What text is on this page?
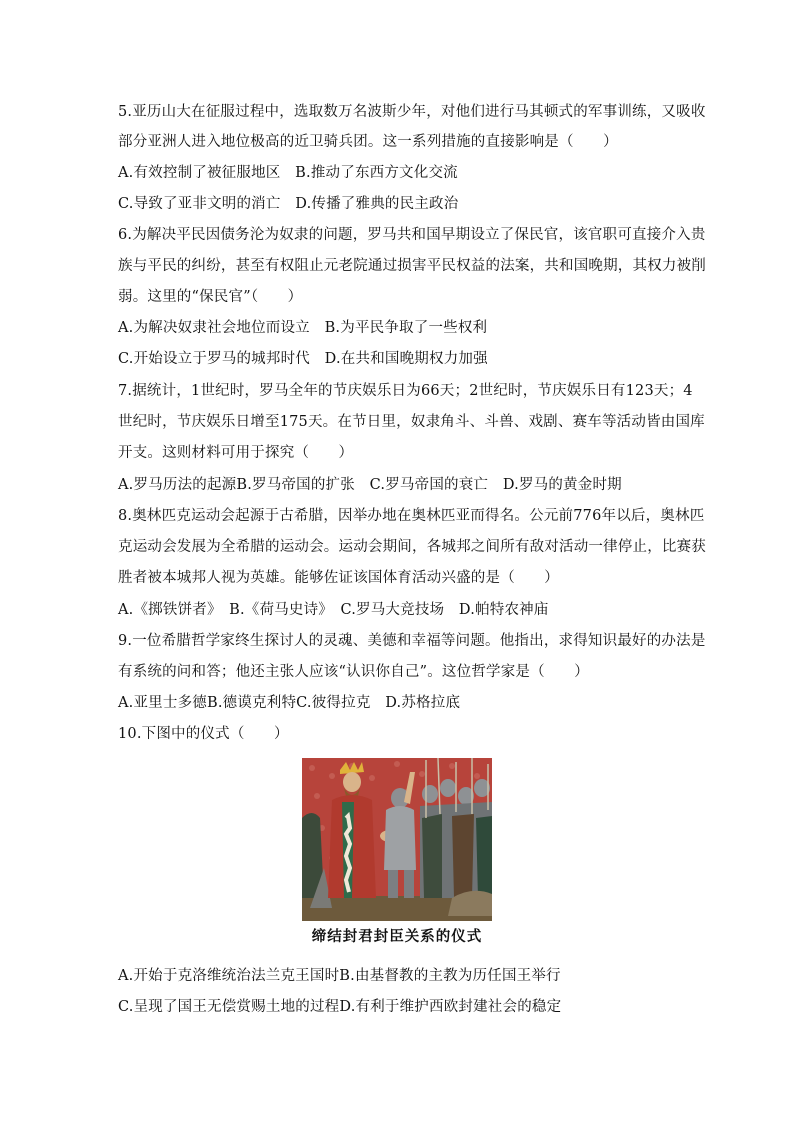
5.亚历山大在征服过程中，选取数万名波斯少年，对他们进行马其顿式的军事训练，又吸收
部分亚洲人进入地位极高的近卫骑兵团。这一系列措施的直接影响是（　　）
A.有效控制了被征服地区　B.推动了东西方文化交流
C.导致了亚非文明的消亡　D.传播了雅典的民主政治
6.为解决平民因债务沦为奴隶的问题，罗马共和国早期设立了保民官，该官职可直接介入贵
族与平民的纠纷，甚至有权阻止元老院通过损害平民权益的法案，共和国晚期，其权力被削
弱。这里的“保民官”（　　）
A.为解决奴隶社会地位而设立　B.为平民争取了一些权利
C.开始设立于罗马的城邦时代　D.在共和国晚期权力加强
7.据统计，1世纪时，罗马全年的节庆娱乐日为66天；2世纪时，节庆娱乐日有123天；4
世纪时，节庆娱乐日增至175天。在节日里，奴隶角斗、斗兽、戏剧、赛车等活动皆由国库
开支。这则材料可用于探究（　　）
A.罗马历法的起源B.罗马帝国的扩张　C.罗马帝国的衰亡　D.罗马的黄金时期
8.奥林匹克运动会起源于古希腊，因举办地在奥林匹亚而得名。公元前776年以后，奥林匹
克运动会发展为全希腊的运动会。运动会期间，各城邦之间所有敌对活动一律停止，比赛获
胜者被本城邦人视为英雄。能够佐证该国体育活动兴盛的是（　　）
A.《掷铁饼者》　B.《荷马史诗》　C.罗马大竞技场　D.帕特农神庙
9.一位希腊哲学家终生探讨人的灵魂、美德和幸福等问题。他指出，求得知识最好的办法是
有系统的问和答；他还主张人应该“认识你自己”。这位哲学家是（　　）
A.亚里士多德B.德谟克利特C.彼得拉克　D.苏格拉底
10.下图中的仪式（　　）
缔结封君封臣关系的仪式
A.开始于克洛维统治法兰克王国时B.由基督教的主教为历任国王举行
C.呈现了国王无偿赏赐土地的过程D.有利于维护西欧封建社会的稳定
